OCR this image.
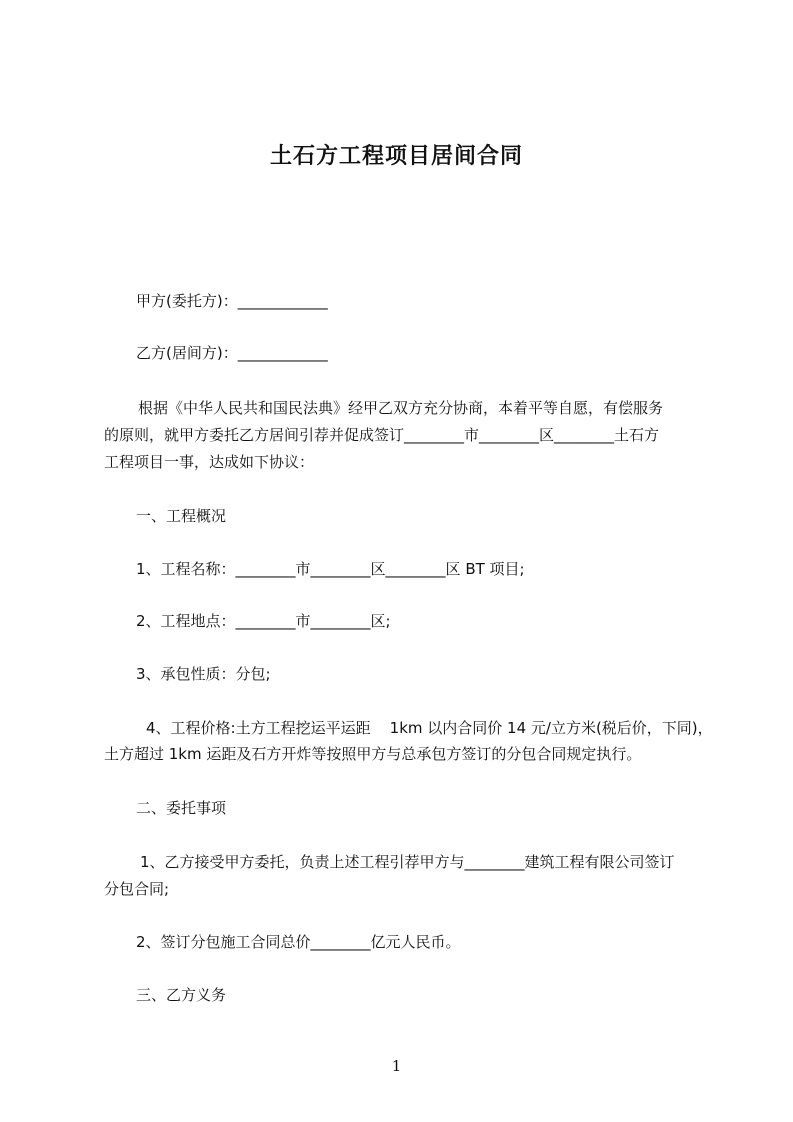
土石方工程项目居间合同
甲方(委托方)：____________
乙方(居间方)：____________
根据《中华人民共和国民法典》经甲乙双方充分协商，本着平等自愿，有偿服务
的原则，就甲方委托乙方居间引荐并促成签订________市________区________土石方
工程项目一事，达成如下协议：
一、工程概况
1、工程名称：________市________区________区 BT 项目;
2、工程地点：________市________区;
3、承包性质：分包;
4、工程价格:土方工程挖运平运距    1km 以内合同价 14 元/立方米(税后价，下同)，
土方超过 1km 运距及石方开炸等按照甲方与总承包方签订的分包合同规定执行。
二、委托事项
1、乙方接受甲方委托，负责上述工程引荐甲方与________建筑工程有限公司签订
分包合同;
2、签订分包施工合同总价________亿元人民币。
三、乙方义务
1
